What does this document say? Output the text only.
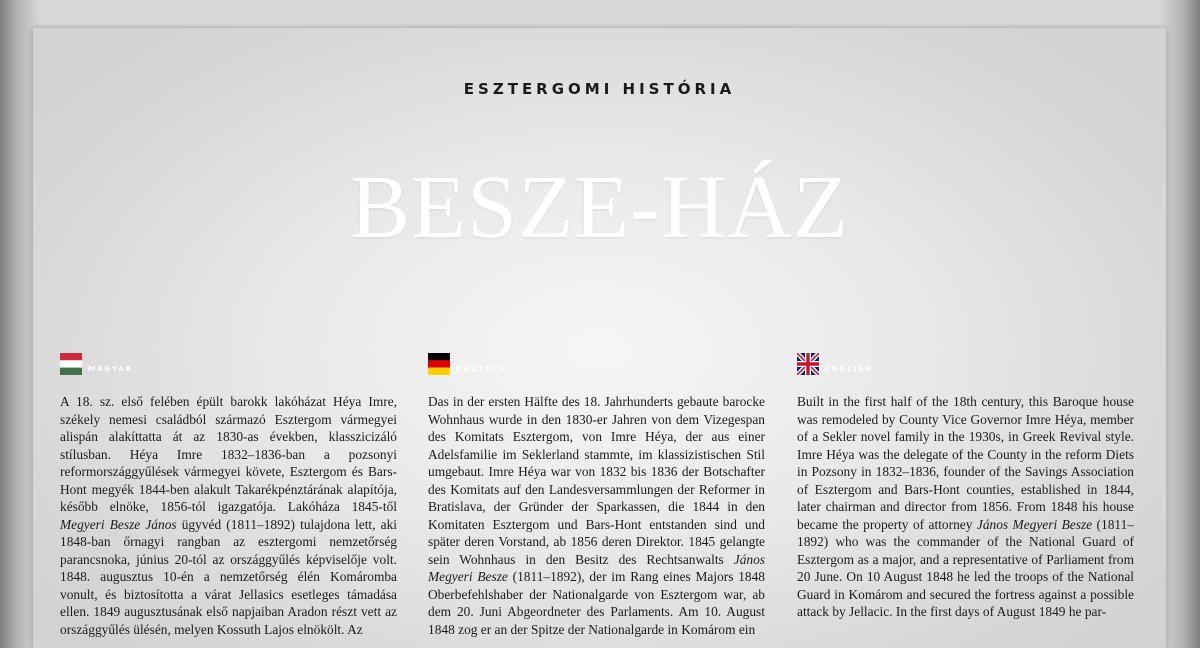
ESZTERGOMI HISTÓRIA
BESZE-HÁZ
MAGYAR
A 18. sz. első felében épült barokk lakóházat Héya Imre, székely nemesi családból származó Esztergom vármegyei alispán alakíttatta át az 1830-as években, klasszicizáló stílusban. Héya Imre 1832–1836-ban a pozsonyi reformországgyűlések vármegyei követe, Esztergom és Bars-Hont megyék 1844-ben alakult Takarékpénztárának alapítója, később elnöke, 1856-tól igazgatója. Lakóháza 1845-től Megyeri Besze János ügyvéd (1811–1892) tulajdona lett, aki 1848-ban őrnagyi rangban az esztergomi nemzetőrség parancsnoka, június 20-tól az országgyűlés képviselője volt. 1848. augusztus 10-én a nemzetőrség élén Komáromba vonult, és biztosította a várat Jellasics esetleges támadása ellen. 1849 augusztusának első napjaiban Aradon részt vett az országgyűlés ülésén, melyen Kossuth Lajos elnökölt. Az
DEUTSCH
Das in der ersten Hälfte des 18. Jahrhunderts gebaute barocke Wohnhaus wurde in den 1830-er Jahren von dem Vizegespan des Komitats Esztergom, von Imre Héya, der aus einer Adelsfamilie im Seklerland stammte, im klassizistischen Stil umgebaut. Imre Héya war von 1832 bis 1836 der Botschafter des Komitats auf den Landesversammlungen der Reformer in Bratislava, der Gründer der Sparkassen, die 1844 in den Komitaten Esztergom und Bars-Hont entstanden sind und später deren Vorstand, ab 1856 deren Direktor. 1845 gelangte sein Wohnhaus in den Besitz des Rechtsanwalts János Megyeri Besze (1811–1892), der im Rang eines Majors 1848 Oberbefehlshaber der Nationalgarde von Esztergom war, ab dem 20. Juni Abgeordneter des Parlaments. Am 10. August 1848 zog er an der Spitze der Nationalgarde in Komárom ein
ENGLISH
Built in the first half of the 18th century, this Baroque house was remodeled by County Vice Governor Imre Héya, member of a Sekler novel family in the 1930s, in Greek Revival style. Imre Héya was the delegate of the County in the reform Diets in Pozsony in 1832–1836, founder of the Savings Association of Esztergom and Bars-Hont counties, established in 1844, later chairman and director from 1856. From 1848 his house became the property of attorney János Megyeri Besze (1811–1892) who was the commander of the National Guard of Esztergom as a major, and a representative of Parliament from 20 June. On 10 August 1848 he led the troops of the National Guard in Komárom and secured the fortress against a possible attack by Jellacic. In the first days of August 1849 he par-
